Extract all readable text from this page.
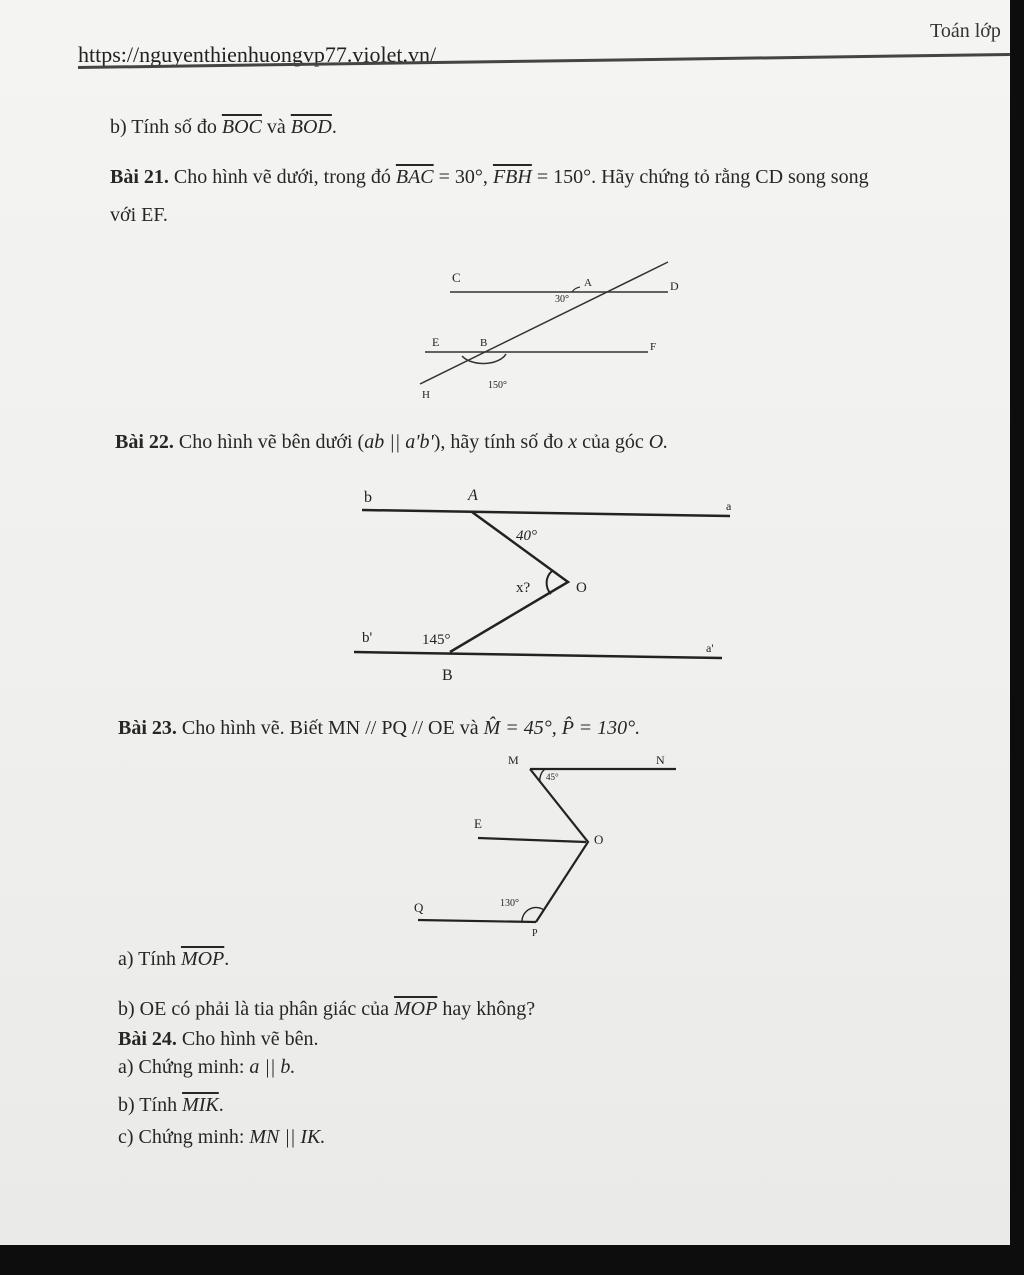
Toán lớp
https://nguyenthienhuongvp77.violet.vn/
b) Tính số đo $\overline{BOC}$ và $\overline{BOD}$.
Bài 21. Cho hình vẽ dưới, trong đó $\overline{BAC} = 30^\circ$, $\overline{FBH} = 150^\circ$. Hãy chứng tỏ rằng CD song song
với EF.
C
D
A
E	B	F
H
30°
150°
Bài 22. Cho hình vẽ bên dưới (ab || a'b'), hãy tính số đo x của góc O.
b	A
a
40°
x?	O
b'	145°	a'
B
Bài 23. Cho hình vẽ. Biết MN // PQ // OE và M̂ = 45°, P̂ = 130°.
M	N
45°
E
O
Q	130°
P
a) Tính $\overline{MOP}$.
b) OE có phải là tia phân giác của $\overline{MOP}$ hay không?
Bài 24. Cho hình vẽ bên.
a) Chứng minh: a || b.
b) Tính $\overline{MIK}$.
c) Chứng minh: MN || IK.
